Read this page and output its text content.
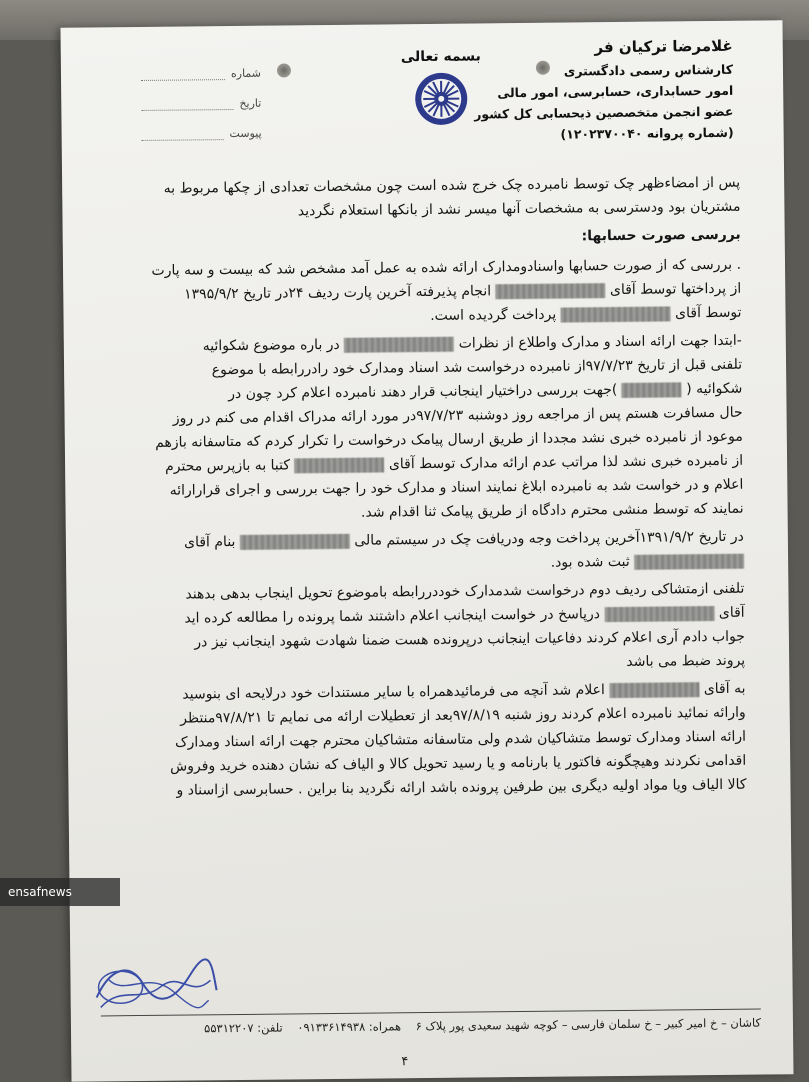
شماره
تاریخ
پیوست
بسمه تعالی
غلامرضا ترکیان فر
کارشناس رسمی دادگستری
امور حسابداری، حسابرسی، امور مالی
عضو انجمن متخصصین ذیحسابی کل کشور
(شماره پروانه ۱۲۰۲۳۷۰۰۴۰)

پس از امضاءظهر چک توسط نامبرده چک خرج شده است چون مشخصات تعدادی از چکها مربوط به
مشتریان بود ودسترسی به مشخصات آنها میسر نشد از بانکها استعلام نگردید

بررسی صورت حسابها:

. بررسی که از صورت حسابها واسنادومدارک ارائه شده به عمل آمد مشخص شد که بیست و سه پارت
از پرداختها توسط آقای  انجام پذیرفته آخرین پارت ردیف ۲۴در تاریخ ۱۳۹۵/۹/۲
توسط آقای  پرداخت گردیده است.

-ابتدا جهت ارائه اسناد و مدارک واطلاع از نظرات  در باره موضوع شکوائیه
تلفنی قبل از تاریخ ۹۷/۷/۲۳از نامبرده درخواست شد اسناد ومدارک خود رادررابطه با موضوع
شکوائیه (  )جهت بررسی دراختیار اینجانب قرار دهند نامبرده اعلام کرد چون در
حال مسافرت هستم پس از مراجعه روز دوشنبه ۹۷/۷/۲۳در مورد ارائه مدراک اقدام می کنم در روز
موعود از نامبرده خبری نشد مجددا از طریق ارسال پیامک درخواست را تکرار کردم که متاسفانه بازهم
از نامبرده خبری نشد لذا مراتب عدم ارائه مدارک توسط آقای  کتبا به بازپرس محترم
اعلام و در خواست شد به نامبرده ابلاغ نمایند اسناد و مدارک خود را جهت بررسی و اجرای قرارارائه
نمایند که توسط منشی محترم دادگاه از طریق پیامک ثنا اقدام شد.

در تاریخ ۱۳۹۱/۹/۲آخرین پرداخت وجه ودریافت چک در سیستم مالی  بنام آقای
ثبت شده بود.

تلفنی ازمتشاکی ردیف دوم درخواست شدمدارک خوددررابطه باموضوع تحویل اینجاب بدهی بدهند
آقای  درپاسخ در خواست اینجانب اعلام داشتند شما پرونده را مطالعه کرده اید
جواب دادم آری اعلام کردند دفاعیات اینجانب درپرونده هست ضمنا شهادت شهود اینجانب نیز در
پروند ضبط می باشد

به آقای  اعلام شد آنچه می فرمائیدهمراه با سایر مستندات خود درلایحه ای بنوسید
وارائه نمائید نامبرده اعلام کردند روز شنبه ۹۷/۸/۱۹بعد از تعطیلات ارائه می نمایم تا ۹۷/۸/۲۱منتظر
ارائه اسناد ومدارک توسط متشاکیان شدم ولی متاسفانه متشاکیان محترم جهت ارائه اسناد ومدارک
اقدامی نکردند وهیچگونه فاکتور یا بارنامه و یا رسید تحویل کالا و الیاف که نشان دهنده خرید وفروش
کالا الیاف ویا مواد اولیه دیگری بین طرفین پرونده باشد ارائه نگردید بنا براین . حسابرسی ازاسناد و

کاشان – خ امیر کبیر – خ سلمان فارسی – کوچه شهید سعیدی پور پلاک ۶    همراه: ۰۹۱۳۳۶۱۴۹۳۸    تلفن: ۵۵۳۱۲۲۰۷
۴
ensafnews
